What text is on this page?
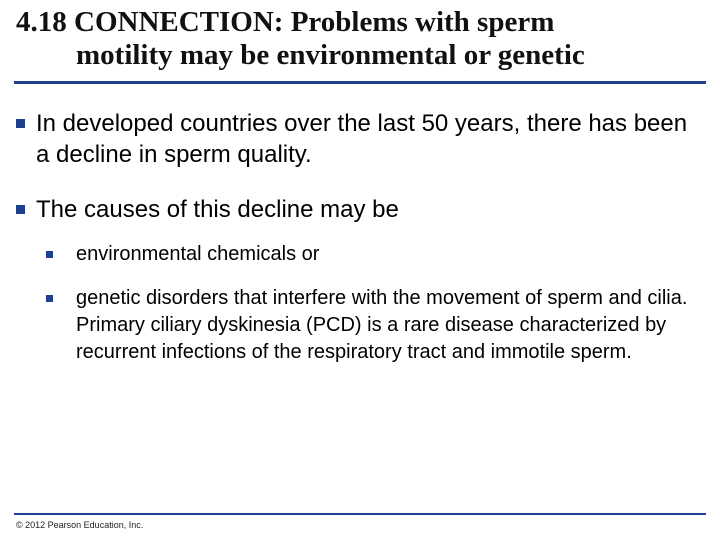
4.18 CONNECTION: Problems with sperm
motility may be environmental or genetic
In developed countries over the last 50 years, there has been a decline in sperm quality.
The causes of this decline may be
environmental chemicals or
genetic disorders that interfere with the movement of sperm and cilia. Primary ciliary dyskinesia (PCD) is a rare disease characterized by recurrent infections of the respiratory tract and immotile sperm.
© 2012 Pearson Education, Inc.
